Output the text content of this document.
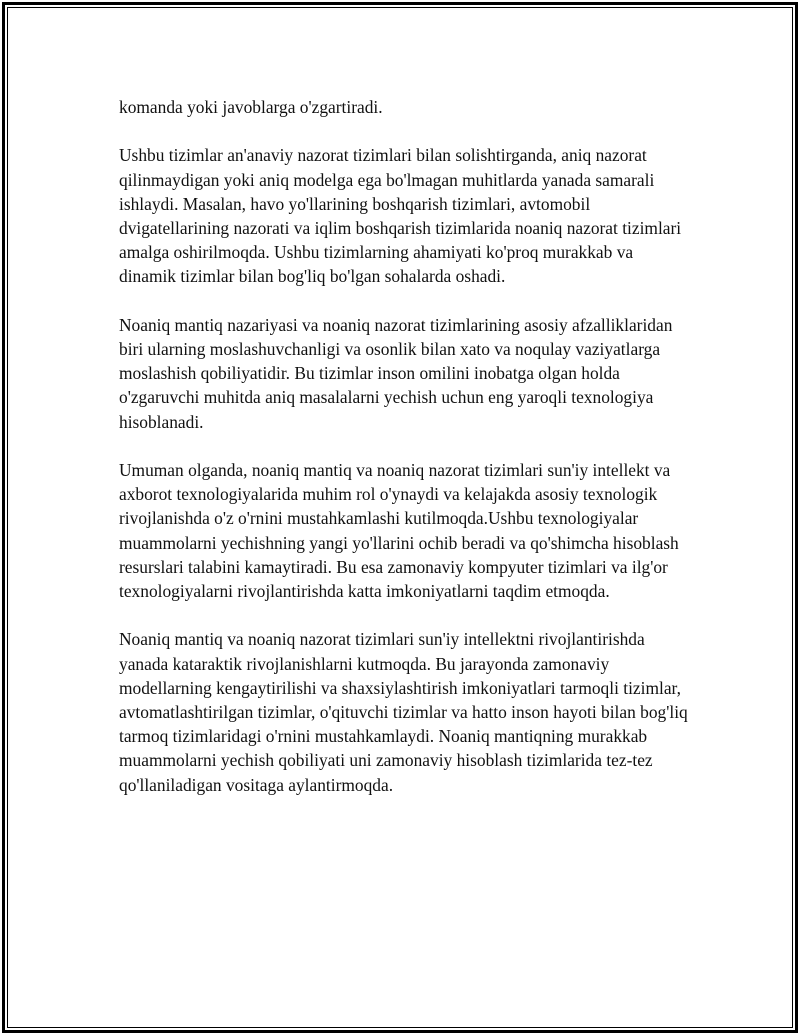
komanda yoki javoblarga o'zgartiradi.

Ushbu tizimlar an'anaviy nazorat tizimlari bilan solishtirganda, aniq nazorat qilinmaydigan yoki aniq modelga ega bo'lmagan muhitlarda yanada samarali ishlaydi. Masalan, havo yo'llarining boshqarish tizimlari, avtomobil dvigatellarining nazorati va iqlim boshqarish tizimlarida noaniq nazorat tizimlari amalga oshirilmoqda. Ushbu tizimlarning ahamiyati ko'proq murakkab va dinamik tizimlar bilan bog'liq bo'lgan sohalarda oshadi.

Noaniq mantiq nazariyasi va noaniq nazorat tizimlarining asosiy afzalliklaridan biri ularning moslashuvchanligi va osonlik bilan xato va noqulay vaziyatlarga moslashish qobiliyatidir. Bu tizimlar inson omilini inobatga olgan holda o'zgaruvchi muhitda aniq masalalarni yechish uchun eng yaroqli texnologiya hisoblanadi.

Umuman olganda, noaniq mantiq va noaniq nazorat tizimlari sun'iy intellekt va axborot texnologiyalarida muhim rol o'ynaydi va kelajakda asosiy texnologik rivojlanishda o'z o'rnini mustahkamlashi kutilmoqda.Ushbu texnologiyalar muammolarni yechishning yangi yo'llarini ochib beradi va qo'shimcha hisoblash resurslari talabini kamaytiradi. Bu esa zamonaviy kompyuter tizimlari va ilg'or texnologiyalarni rivojlantirishda katta imkoniyatlarni taqdim etmoqda.

Noaniq mantiq va noaniq nazorat tizimlari sun'iy intellektni rivojlantirishda yanada kataraktik rivojlanishlarni kutmoqda. Bu jarayonda zamonaviy modellarning kengaytirilishi va shaxsiylashtirish imkoniyatlari tarmoqli tizimlar, avtomatlashtirilgan tizimlar, o'qituvchi tizimlar va hatto inson hayoti bilan bog'liq tarmoq tizimlaridagi o'rnini mustahkamlaydi. Noaniq mantiqning murakkab muammolarni yechish qobiliyati uni zamonaviy hisoblash tizimlarida tez-tez qo'llaniladigan vositaga aylantirmoqda.
